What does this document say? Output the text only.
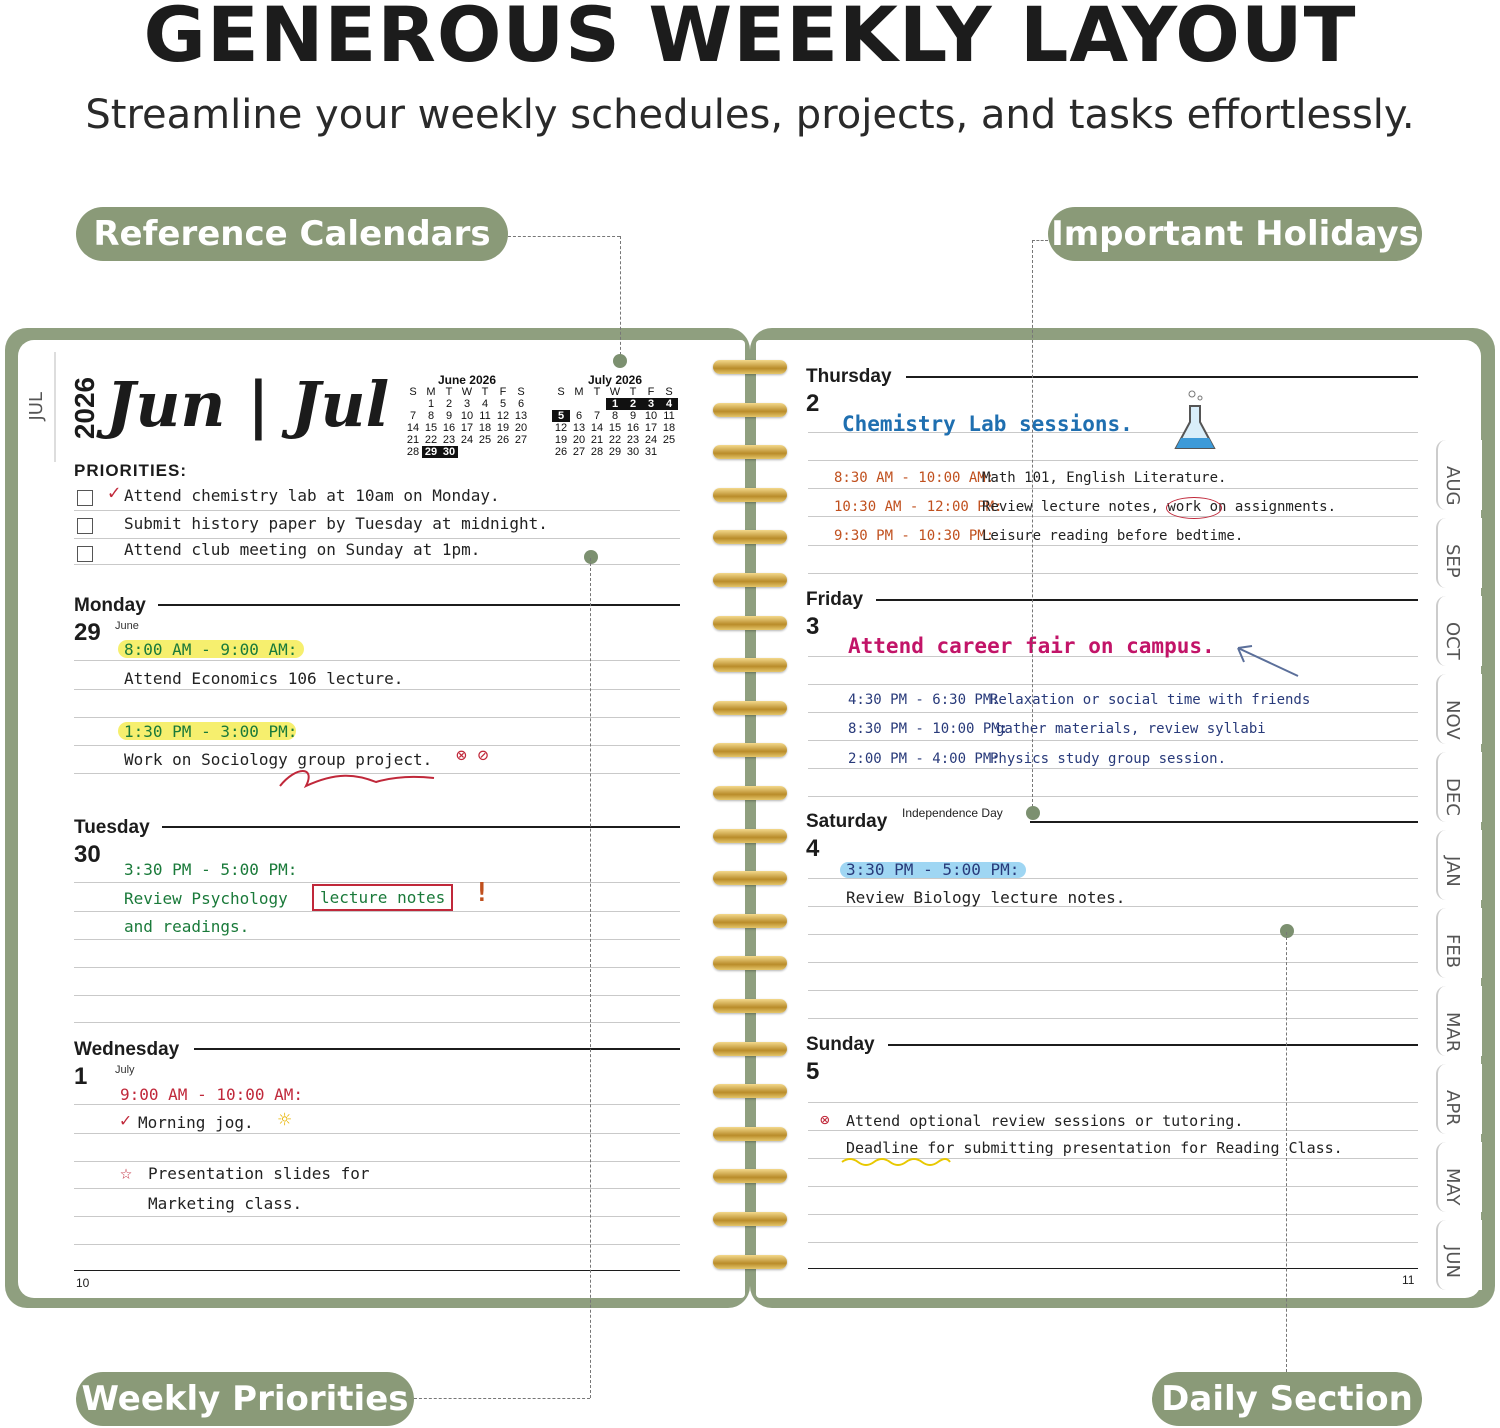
GENEROUS WEEKLY LAYOUT
Streamline your weekly schedules, projects, and tasks effortlessly.
Reference Calendars	Important Holidays
Weekly Priorities	Daily Section
JUL 2026 Jun | Jul	June 2026
S	M	T	W	T	F	S
	1	2	3	4	5	6
7	8	9	10	11	12	13
14	15	16	17	18	19	20
21	22	23	24	25	26	27
28	29	30				
July 2026
S	M	T	W	T	F	S
			1	2	3	4
5	6	7	8	9	10	11
12	13	14	15	16	17	18
19	20	21	22	23	24	25
26	27	28	29	30	31	
PRIORITIES:
✓ Attend chemistry lab at 10am on Monday.
Submit history paper by Tuesday at midnight.
Attend club meeting on Sunday at 1pm.
Monday
29 June
8:00 AM - 9:00 AM:
Attend Economics 106 lecture.
1:30 PM - 3:00 PM:
Work on Sociology group project. ⊗ ⊘
Tuesday
30
3:30 PM - 5:00 PM:
Review Psychology	lecture notes	!
and readings.
Wednesday
1	July
9:00 AM - 10:00 AM:
✓ Morning jog. ☼
☆ Presentation slides for
Marketing class.
10
AUG
SEP
OCT
NOV
DEC
JAN
FEB
MAR
APR
MAY
JUN
Thursday
2
Chemistry Lab sessions.
8:30 AM - 10:00 AM:
Math 101, English Literature.
10:30 AM - 12:00 PM:
Review lecture notes, work on assignments.
9:30 PM - 10:30 PM:
Leisure reading before bedtime.
Friday
3
Attend career fair on campus.
4:30 PM - 6:30 PM:
Relaxation or social time with friends
8:30 PM - 10:00 PM:
gather materials, review syllabi
2:00 PM - 4:00 PM:
Physics study group session.
Saturday Independence Day
4
3:30 PM - 5:00 PM:
Review Biology lecture notes.
Sunday
5
⊗ Attend optional review sessions or tutoring.
Deadline for submitting presentation for Reading Class.
11
